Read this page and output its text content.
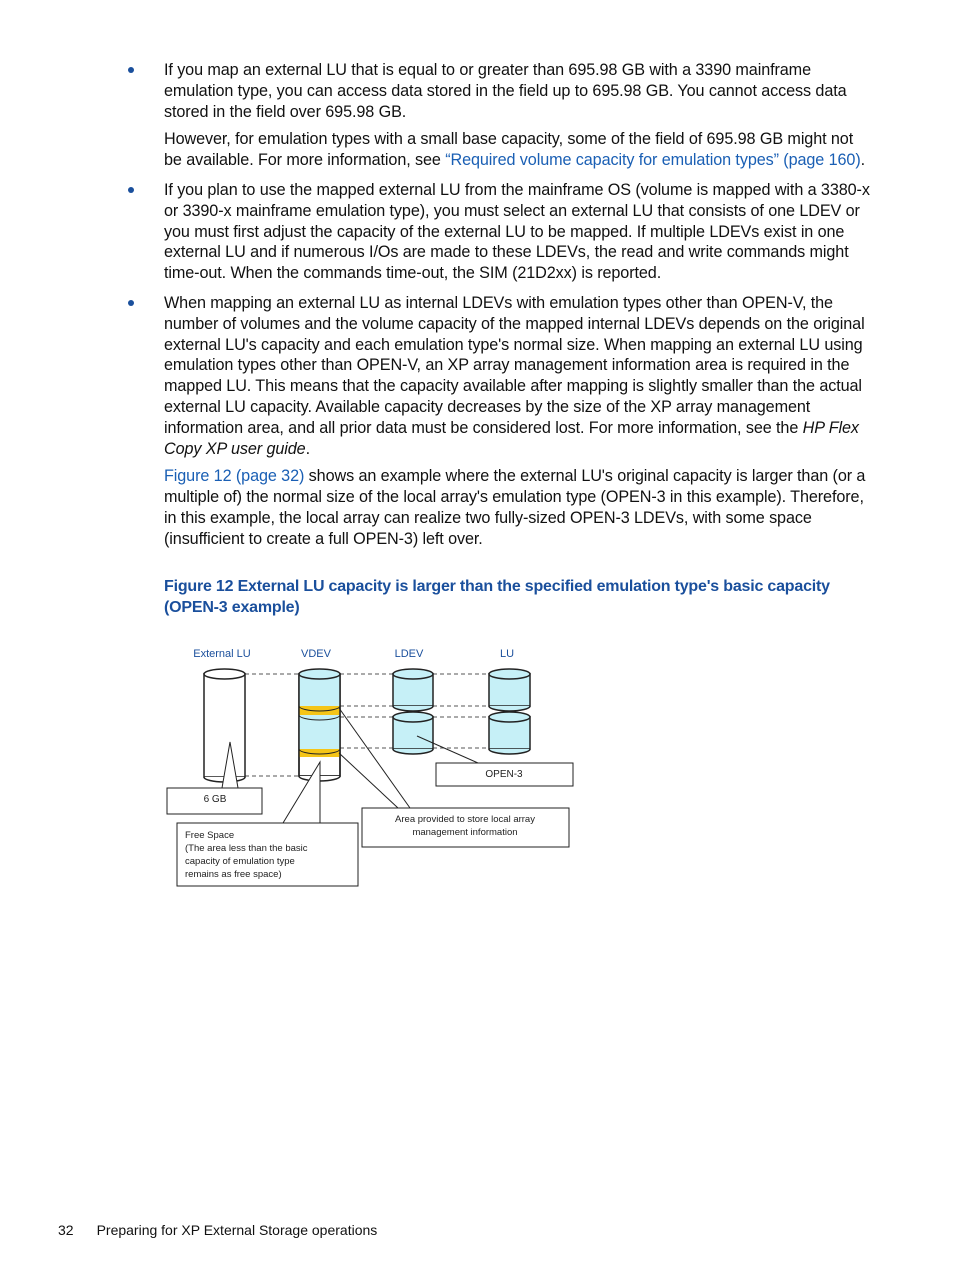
If you map an external LU that is equal to or greater than 695.98 GB with a 3390 mainframe emulation type, you can access data stored in the field up to 695.98 GB. You cannot access data stored in the field over 695.98 GB.

However, for emulation types with a small base capacity, some of the field of 695.98 GB might not be available. For more information, see “Required volume capacity for emulation types” (page 160).

If you plan to use the mapped external LU from the mainframe OS (volume is mapped with a 3380-x or 3390-x mainframe emulation type), you must select an external LU that consists of one LDEV or you must first adjust the capacity of the external LU to be mapped. If multiple LDEVs exist in one external LU and if numerous I/Os are made to these LDEVs, the read and write commands might time-out. When the commands time-out, the SIM (21D2xx) is reported.

When mapping an external LU as internal LDEVs with emulation types other than OPEN-V, the number of volumes and the volume capacity of the mapped internal LDEVs depends on the original external LU's capacity and each emulation type's normal size. When mapping an external LU using emulation types other than OPEN-V, an XP array management information area is required in the mapped LU. This means that the capacity available after mapping is slightly smaller than the actual external LU capacity. Available capacity decreases by the size of the XP array management information area, and all prior data must be considered lost. For more information, see the HP Flex Copy XP user guide.

Figure 12 (page 32) shows an example where the external LU's original capacity is larger than (or a multiple of) the normal size of the local array's emulation type (OPEN-3 in this example). Therefore, in this example, the local array can realize two fully-sized OPEN-3 LDEVs, with some space (insufficient to create a full OPEN-3) left over.

Figure 12 External LU capacity is larger than the specified emulation type's basic capacity (OPEN-3 example)
External LU	VDEV	LDEV	LU
6 GB
OPEN-3
Area provided to store local array
management information
Free Space
(The area less than the basic
capacity of emulation type
remains as free space)
32 Preparing for XP External Storage operations
